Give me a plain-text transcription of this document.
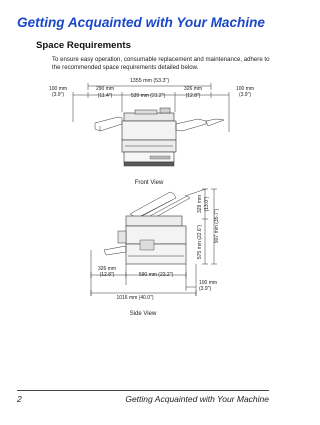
Getting Acquainted with Your Machine
Space Requirements

To ensure easy operation, consumable replacement and maintenance, adhere to the recommended space requirements detailed below.

1355 mm (53.3")
100 mm
(3.9")
290 mm
(11.4")	539 mm (21.2")
326 mm
(12.8")
100 mm
(3.9")
Front View
329 mm (13.0")
575 mm (22.6") 907 mm (35.7")
326 mm
(12.8")	590 mm (23.2")
100 mm
(3.9")
1016 mm (40.0")
Side View
2	Getting Acquainted with Your Machine
